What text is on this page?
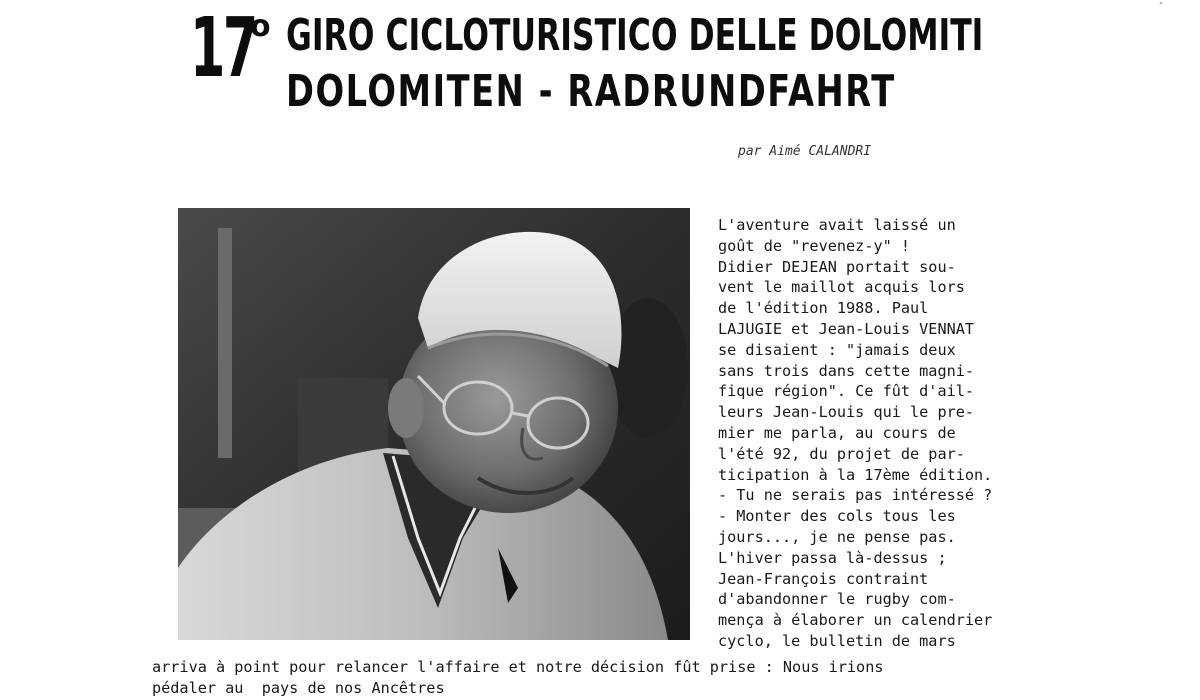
‑
17
o GIRO CICLOTURISTICO DELLE DOLOMITI
DOLOMITEN - RADRUNDFAHRT
par Aimé CALANDRI

L'aventure avait laissé un

goût de "revenez-y" !

Didier DEJEAN portait sou-

vent le maillot acquis lors

de l'édition 1988. Paul

LAJUGIE et Jean-Louis VENNAT

se disaient : "jamais deux

sans trois dans cette magni-

fique région". Ce fût d'ail-

leurs Jean-Louis qui le pre-

mier me parla, au cours de

l'été 92, du projet de par-

ticipation à la 17ème édition.

- Tu ne serais pas intéressé ?

- Monter des cols tous les

jours..., je ne pense pas.

L'hiver passa là-dessus ;

Jean-François contraint

d'abandonner le rugby com-

mença à élaborer un calendrier

cyclo, le bulletin de mars

arriva à point pour relancer l'affaire et notre décision fût prise : Nous irions

pédaler au  pays de nos Ancêtres
